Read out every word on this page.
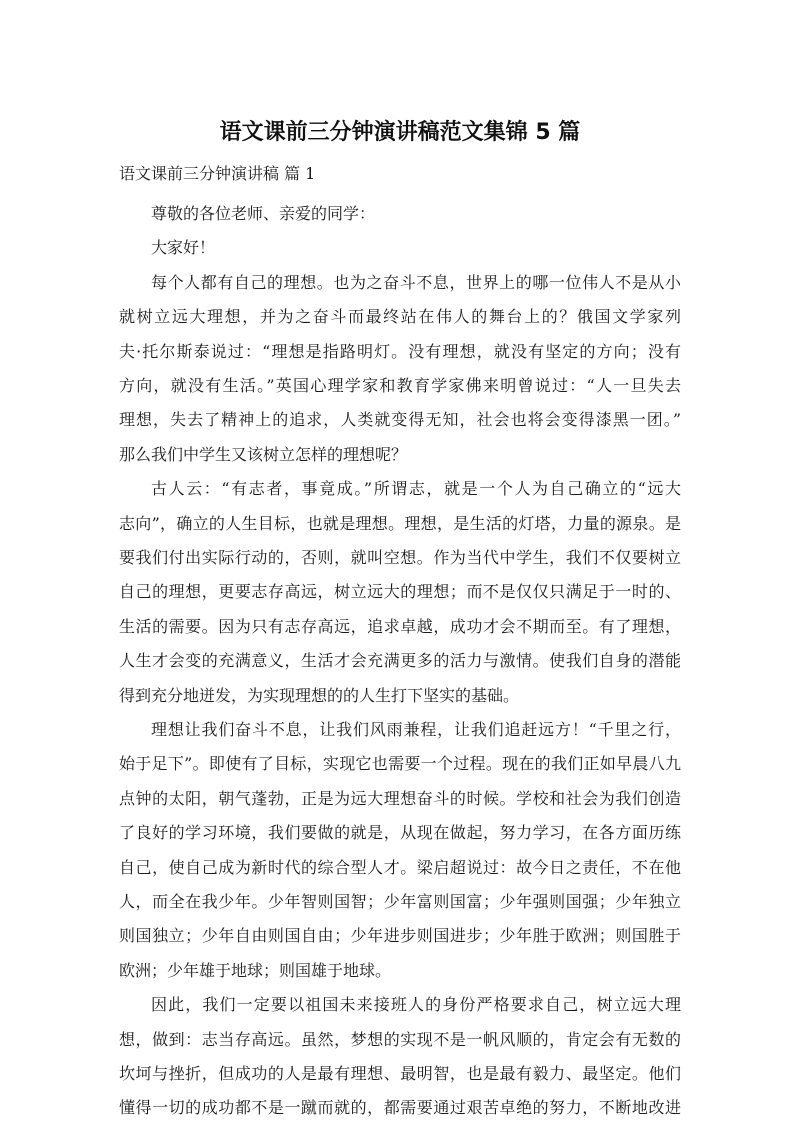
语文课前三分钟演讲稿范文集锦 5 篇
语文课前三分钟演讲稿 篇 1
尊敬的各位老师、亲爱的同学：
大家好！
每个人都有自己的理想。也为之奋斗不息，世界上的哪一位伟人不是从小
就树立远大理想，并为之奋斗而最终站在伟人的舞台上的？俄国文学家列
夫·托尔斯泰说过：“理想是指路明灯。没有理想，就没有坚定的方向；没有
方向，就没有生活。”英国心理学家和教育学家佛来明曾说过：“人一旦失去
理想，失去了精神上的追求，人类就变得无知，社会也将会变得漆黑一团。”
那么我们中学生又该树立怎样的理想呢？
古人云：“有志者，事竟成。”所谓志，就是一个人为自己确立的“远大
志向”，确立的人生目标，也就是理想。理想，是生活的灯塔，力量的源泉。是
要我们付出实际行动的，否则，就叫空想。作为当代中学生，我们不仅要树立
自己的理想，更要志存高远，树立远大的理想；而不是仅仅只满足于一时的、
生活的需要。因为只有志存高远，追求卓越，成功才会不期而至。有了理想，
人生才会变的充满意义，生活才会充满更多的活力与激情。使我们自身的潜能
得到充分地迸发，为实现理想的的人生打下坚实的基础。
理想让我们奋斗不息，让我们风雨兼程，让我们追赶远方！“千里之行，
始于足下”。即使有了目标，实现它也需要一个过程。现在的我们正如早晨八九
点钟的太阳，朝气蓬勃，正是为远大理想奋斗的时候。学校和社会为我们创造
了良好的学习环境，我们要做的就是，从现在做起，努力学习，在各方面历练
自己，使自己成为新时代的综合型人才。梁启超说过：故今日之责任，不在他
人，而全在我少年。少年智则国智；少年富则国富；少年强则国强；少年独立
则国独立；少年自由则国自由；少年进步则国进步；少年胜于欧洲；则国胜于
欧洲；少年雄于地球；则国雄于地球。
因此，我们一定要以祖国未来接班人的身份严格要求自己，树立远大理
想，做到：志当存高远。虽然，梦想的实现不是一帆风顺的，肯定会有无数的
坎坷与挫折，但成功的人是最有理想、最明智，也是最有毅力、最坚定。他们
懂得一切的成功都不是一蹴而就的，都需要通过艰苦卓绝的努力，不断地改进
